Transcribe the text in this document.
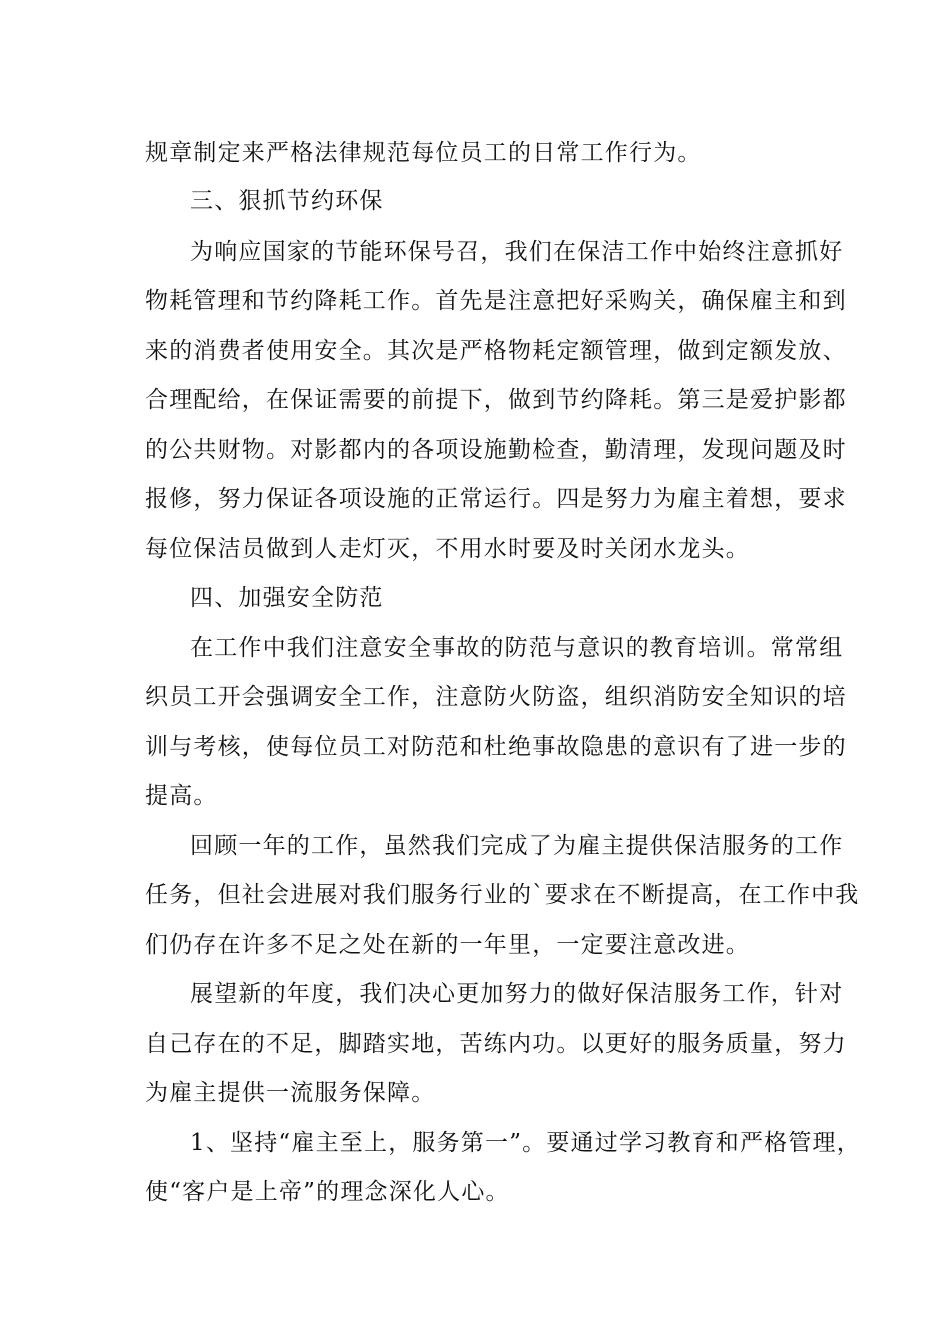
规章制定来严格法律规范每位员工的日常工作行为。
三、狠抓节约环保
为响应国家的节能环保号召，我们在保洁工作中始终注意抓好
物耗管理和节约降耗工作。首先是注意把好采购关，确保雇主和到
来的消费者使用安全。其次是严格物耗定额管理，做到定额发放、
合理配给，在保证需要的前提下，做到节约降耗。第三是爱护影都
的公共财物。对影都内的各项设施勤检查，勤清理，发现问题及时
报修，努力保证各项设施的正常运行。四是努力为雇主着想，要求
每位保洁员做到人走灯灭，不用水时要及时关闭水龙头。
四、加强安全防范
在工作中我们注意安全事故的防范与意识的教育培训。常常组
织员工开会强调安全工作，注意防火防盗，组织消防安全知识的培
训与考核，使每位员工对防范和杜绝事故隐患的意识有了进一步的
提高。
回顾一年的工作，虽然我们完成了为雇主提供保洁服务的工作
任务，但社会进展对我们服务行业的`要求在不断提高，在工作中我
们仍存在许多不足之处在新的一年里，一定要注意改进。
展望新的年度，我们决心更加努力的做好保洁服务工作，针对
自己存在的不足，脚踏实地，苦练内功。以更好的服务质量，努力
为雇主提供一流服务保障。
1、坚持“雇主至上，服务第一”。要通过学习教育和严格管理，
使“客户是上帝”的理念深化人心。
